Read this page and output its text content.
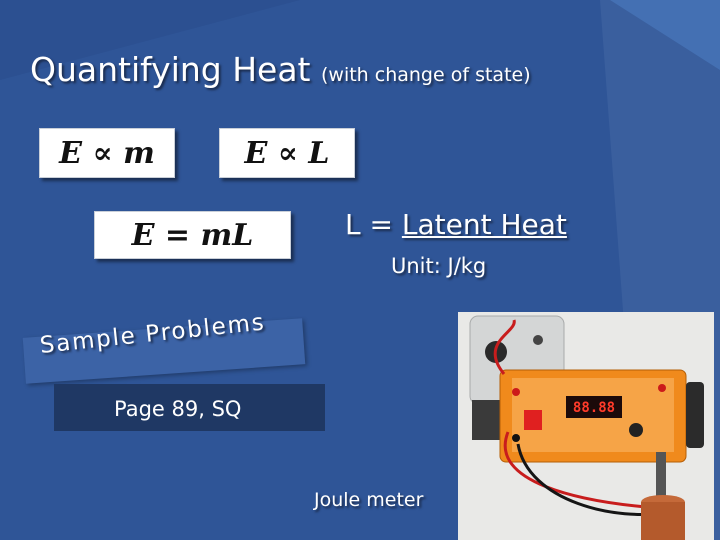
Quantifying Heat (with change of state)
E ∝ m	E ∝ L
E = mL	L = Latent Heat
Unit: J/kg
Sample Problems
Page 89, SQ	88.88
Joule meter
